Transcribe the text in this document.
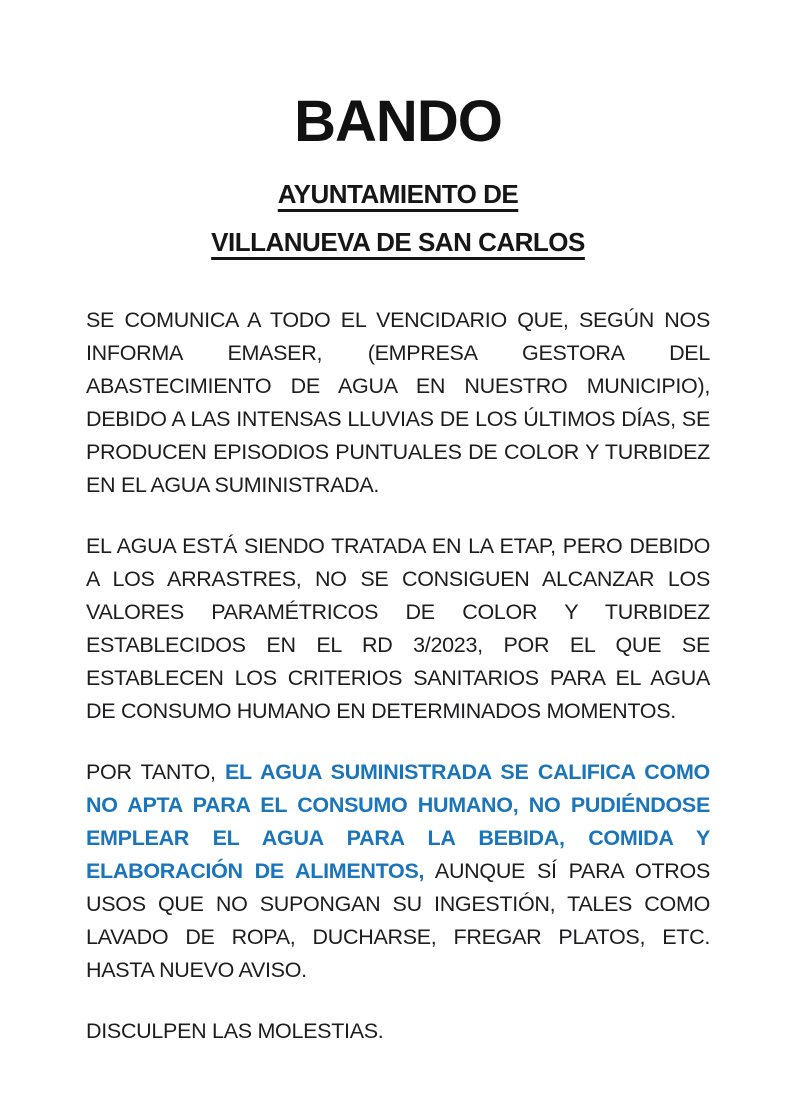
BANDO
AYUNTAMIENTO DE
VILLANUEVA DE SAN CARLOS

SE COMUNICA A TODO EL VENCIDARIO QUE, SEGÚN NOS INFORMA EMASER, (EMPRESA GESTORA DEL ABASTECIMIENTO DE AGUA EN NUESTRO MUNICIPIO), DEBIDO A LAS INTENSAS LLUVIAS DE LOS ÚLTIMOS DÍAS, SE PRODUCEN EPISODIOS PUNTUALES DE COLOR Y TURBIDEZ EN EL AGUA SUMINISTRADA.

EL AGUA ESTÁ SIENDO TRATADA EN LA ETAP, PERO DEBIDO A LOS ARRASTRES, NO SE CONSIGUEN ALCANZAR LOS VALORES PARAMÉTRICOS DE COLOR Y TURBIDEZ ESTABLECIDOS EN EL RD 3/2023, POR EL QUE SE ESTABLECEN LOS CRITERIOS SANITARIOS PARA EL AGUA DE CONSUMO HUMANO EN DETERMINADOS MOMENTOS.

POR TANTO, EL AGUA SUMINISTRADA SE CALIFICA COMO NO APTA PARA EL CONSUMO HUMANO, NO PUDIÉNDOSE EMPLEAR EL AGUA PARA LA BEBIDA, COMIDA Y ELABORACIÓN DE ALIMENTOS, AUNQUE SÍ PARA OTROS USOS QUE NO SUPONGAN SU INGESTIÓN, TALES COMO LAVADO DE ROPA, DUCHARSE, FREGAR PLATOS, ETC. HASTA NUEVO AVISO.

DISCULPEN LAS MOLESTIAS.
